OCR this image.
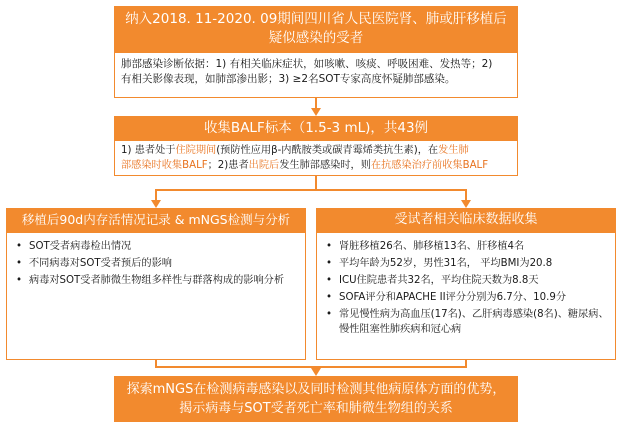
纳入2018. 11-2020. 09期间四川省人民医院肾、肺或肝移植后
疑似感染的受者
肺部感染诊断依据：1) 有相关临床症状，如咳嗽、咳痰、呼吸困难、发热等；2)
有相关影像表现，如肺部渗出影；3) ≥2名SOT专家高度怀疑肺部感染。
收集BALF标本（1.5-3 mL)，共43例
1) 患者处于住院期间(预防性应用β-内酰胺类或碳青霉烯类抗生素)，在发生肺
部感染时收集BALF；2)患者出院后发生肺部感染时，则在抗感染治疗前收集BALF
移植后90d内存活情况记录 & mNGS检测与分析
• SOT受者病毒检出情况
• 不同病毒对SOT受者预后的影响
• 病毒对SOT受者肺微生物组多样性与群落构成的影响分析
受试者相关临床数据收集
• 肾脏移植26名、肺移植13名、肝移植4名
• 平均年龄为52岁，男性31名， 平均BMI为20.8
• ICU住院患者共32名，平均住院天数为8.8天
• SOFA评分和APACHE II评分分别为6.7分、10.9分
• 常见慢性病为高血压(17名)、乙肝病毒感染(8名)、糖尿病、慢性阻塞性肺疾病和冠心病
探索mNGS在检测病毒感染以及同时检测其他病原体方面的优势，
揭示病毒与SOT受者死亡率和肺微生物组的关系
